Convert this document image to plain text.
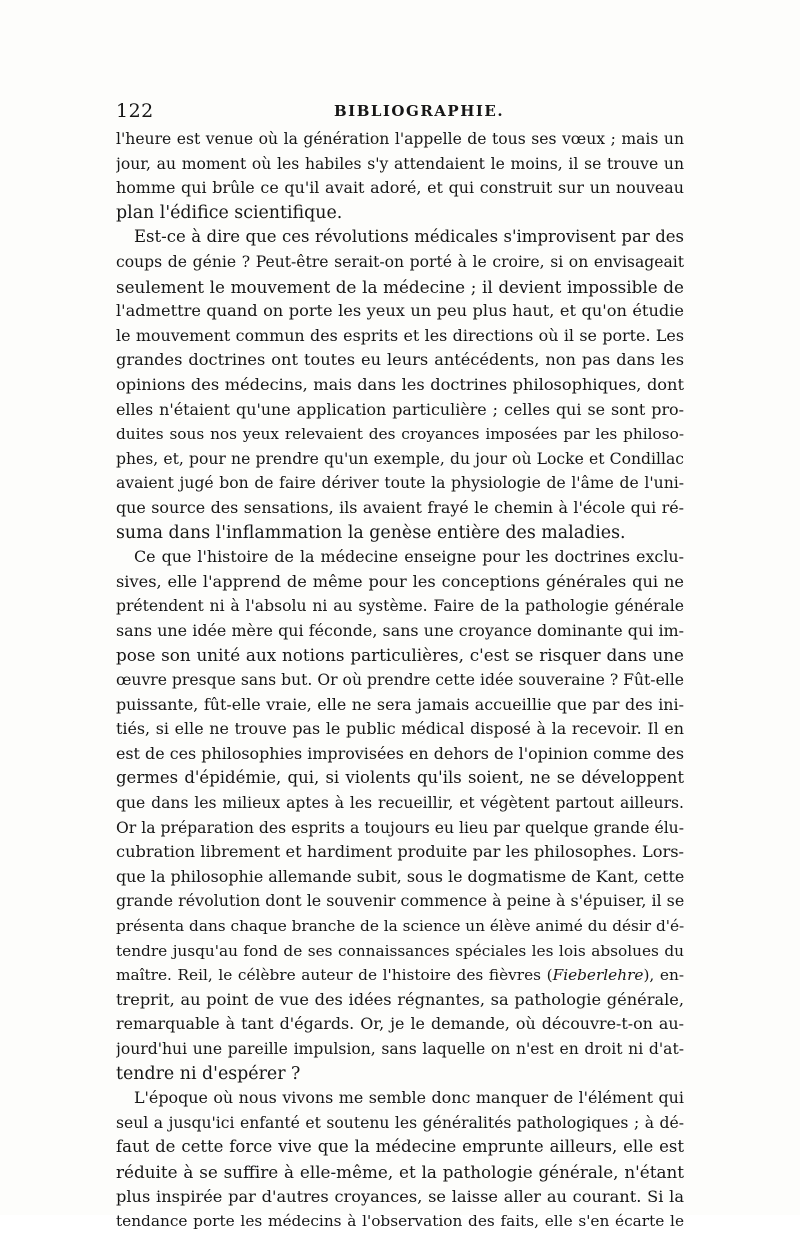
122	BIBLIOGRAPHIE.
l'heure est venue où la génération l'appelle de tous ses vœux ; mais un
jour, au moment où les habiles s'y attendaient le moins, il se trouve un
homme qui brûle ce qu'il avait adoré, et qui construit sur un nouveau
plan l'édifice scientifique.
Est-ce à dire que ces révolutions médicales s'improvisent par des
coups de génie ? Peut-être serait-on porté à le croire, si on envisageait
seulement le mouvement de la médecine ; il devient impossible de
l'admettre quand on porte les yeux un peu plus haut, et qu'on étudie
le mouvement commun des esprits et les directions où il se porte. Les
grandes doctrines ont toutes eu leurs antécédents, non pas dans les
opinions des médecins, mais dans les doctrines philosophiques, dont
elles n'étaient qu'une application particulière ; celles qui se sont pro-
duites sous nos yeux relevaient des croyances imposées par les philoso-
phes, et, pour ne prendre qu'un exemple, du jour où Locke et Condillac
avaient jugé bon de faire dériver toute la physiologie de l'âme de l'uni-
que source des sensations, ils avaient frayé le chemin à l'école qui ré-
suma dans l'inflammation la genèse entière des maladies.
Ce que l'histoire de la médecine enseigne pour les doctrines exclu-
sives, elle l'apprend de même pour les conceptions générales qui ne
prétendent ni à l'absolu ni au système. Faire de la pathologie générale
sans une idée mère qui féconde, sans une croyance dominante qui im-
pose son unité aux notions particulières, c'est se risquer dans une
œuvre presque sans but. Or où prendre cette idée souveraine ? Fût-elle
puissante, fût-elle vraie, elle ne sera jamais accueillie que par des ini-
tiés, si elle ne trouve pas le public médical disposé à la recevoir. Il en
est de ces philosophies improvisées en dehors de l'opinion comme des
germes d'épidémie, qui, si violents qu'ils soient, ne se développent
que dans les milieux aptes à les recueillir, et végètent partout ailleurs.
Or la préparation des esprits a toujours eu lieu par quelque grande élu-
cubration librement et hardiment produite par les philosophes. Lors-
que la philosophie allemande subit, sous le dogmatisme de Kant, cette
grande révolution dont le souvenir commence à peine à s'épuiser, il se
présenta dans chaque branche de la science un élève animé du désir d'é-
tendre jusqu'au fond de ses connaissances spéciales les lois absolues du
maître. Reil, le célèbre auteur de l'histoire des fièvres (Fieberlehre), en-
treprit, au point de vue des idées régnantes, sa pathologie générale,
remarquable à tant d'égards. Or, je le demande, où découvre-t-on au-
jourd'hui une pareille impulsion, sans laquelle on n'est en droit ni d'at-
tendre ni d'espérer ?
L'époque où nous vivons me semble donc manquer de l'élément qui
seul a jusqu'ici enfanté et soutenu les généralités pathologiques ; à dé-
faut de cette force vive que la médecine emprunte ailleurs, elle est
réduite à se suffire à elle-même, et la pathologie générale, n'étant
plus inspirée par d'autres croyances, se laisse aller au courant. Si la
tendance porte les médecins à l'observation des faits, elle s'en écarte le
